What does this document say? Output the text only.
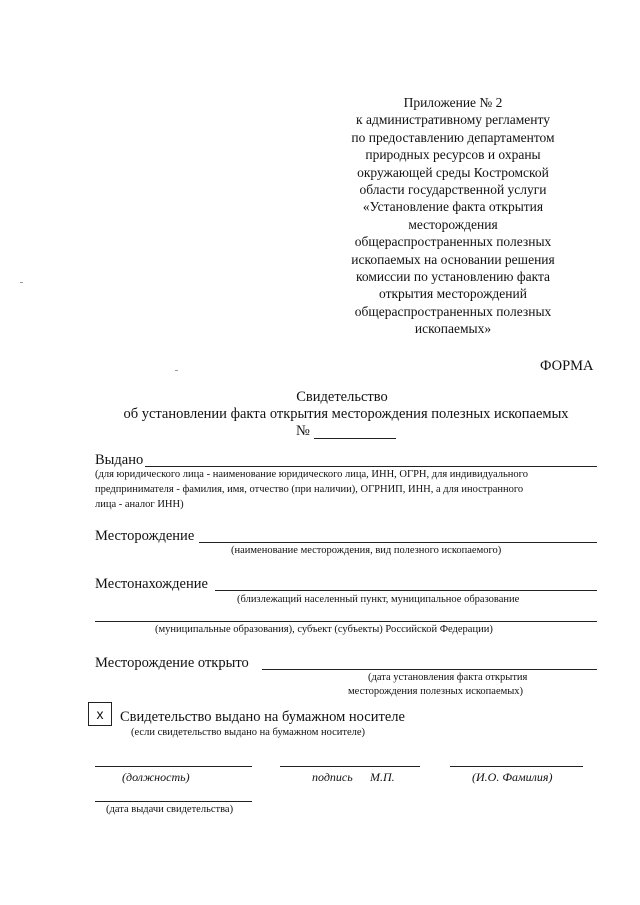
Приложение № 2
к административному регламенту
по предоставлению департаментом
природных ресурсов и охраны
окружающей среды Костромской
области государственной услуги
«Установление факта открытия
месторождения
общераспространенных полезных
ископаемых на основании решения
комиссии по установлению факта
открытия месторождений
общераспространенных полезных
ископаемых»
ФОРМА
Свидетельство
об установлении факта открытия месторождения полезных ископаемых
№
Выдано
(для юридического лица - наименование юридического лица, ИНН, ОГРН, для индивидуального
предпринимателя - фамилия, имя, отчество (при наличии), ОГРНИП, ИНН, а для иностранного
лица - аналог ИНН)
Месторождение
(наименование месторождения, вид полезного ископаемого)
Местонахождение
(близлежащий населенный пункт, муниципальное образование
(муниципальные образования), субъект (субъекты) Российской Федерации)
Месторождение открыто
(дата установления факта открытия
месторождения полезных ископаемых)
x Свидетельство выдано на бумажном носителе
(если свидетельство выдано на бумажном носителе)
(должность)	подпись М.П.	(И.О. Фамилия)
(дата выдачи свидетельства)
